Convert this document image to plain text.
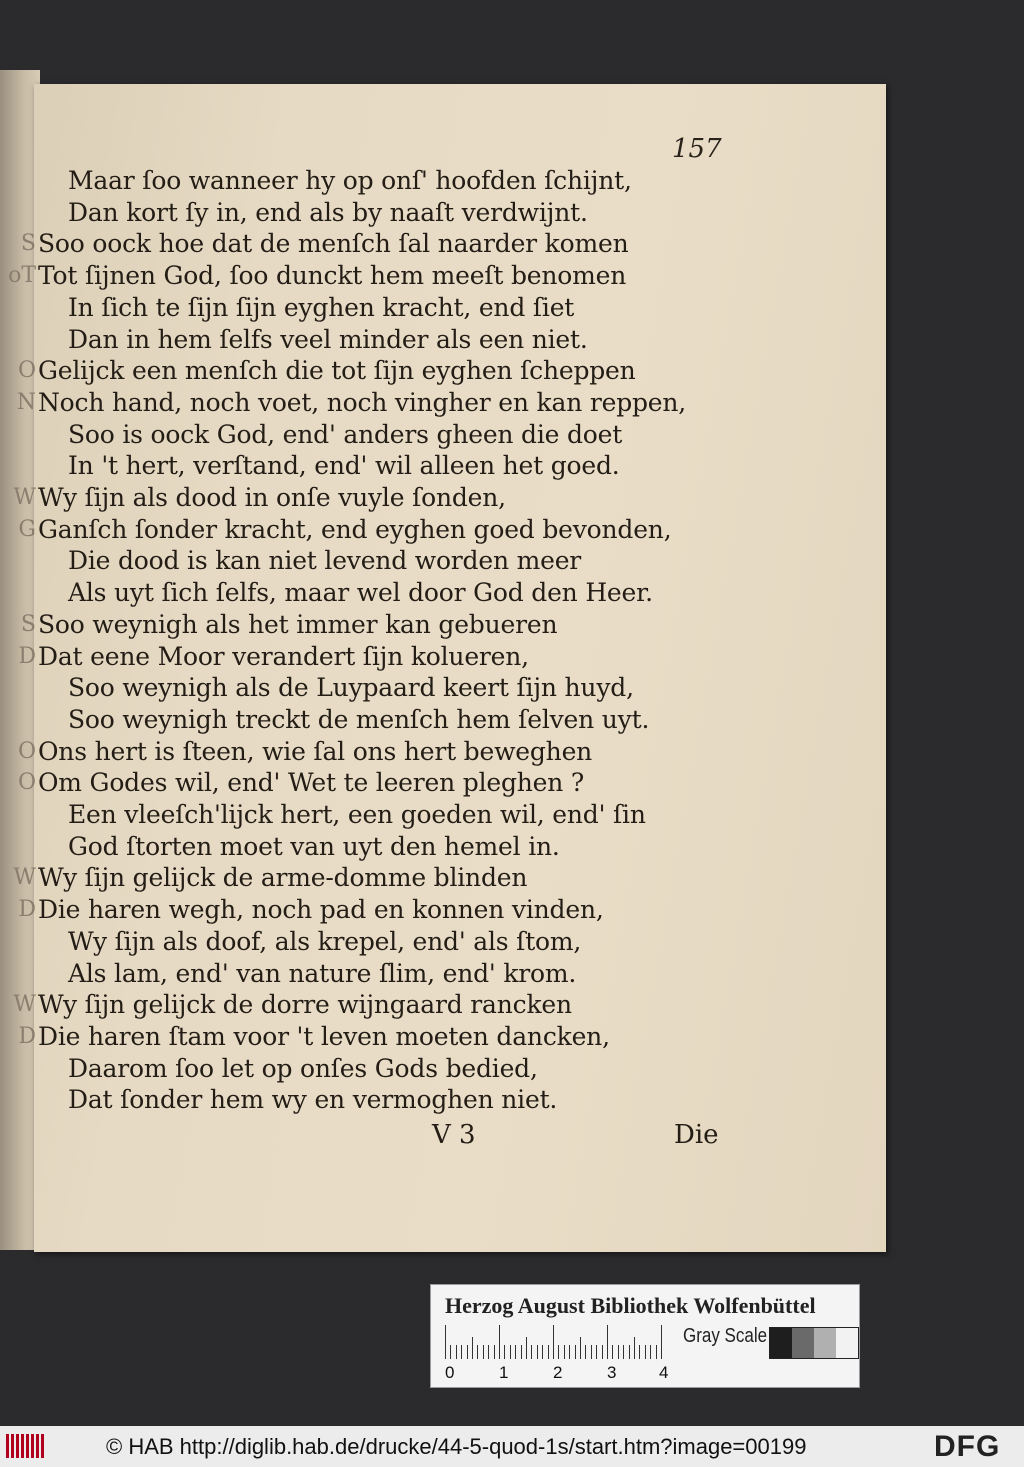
157
Maar ſoo wanneer hy op onſ' hoofden ſchijnt,
Dan kort ſy in, end als by naaſt verdwijnt.
Soo oock hoe dat de menſch ſal naarder komen
Tot ſijnen God, ſoo dunckt hem meeſt benomen
In ſich te ſijn ſijn eyghen kracht, end ſiet
Dan in hem ſelfs veel minder als een niet.
Gelijck een menſch die tot ſijn eyghen ſcheppen
Noch hand, noch voet, noch vingher en kan reppen,
Soo is oock God, end' anders gheen die doet
In 't hert, verſtand, end' wil alleen het goed.
Wy ſijn als dood in onſe vuyle ſonden,
Ganſch ſonder kracht, end eyghen goed bevonden,
Die dood is kan niet levend worden meer
Als uyt ſich ſelfs, maar wel door God den Heer.
Soo weynigh als het immer kan gebueren
Dat eene Moor verandert ſijn kolueren,
Soo weynigh als de Luypaard keert ſijn huyd,
Soo weynigh treckt de menſch hem ſelven uyt.
Ons hert is ſteen, wie ſal ons hert beweghen
Om Godes wil, end' Wet te leeren pleghen ?
Een vleeſch'lijck hert, een goeden wil, end' ſin
God ſtorten moet van uyt den hemel in.
Wy ſijn gelijck de arme-domme blinden
Die haren wegh, noch pad en konnen vinden,
Wy ſijn als doof, als krepel, end' als ſtom,
Als lam, end' van nature ſlim, end' krom.
Wy ſijn gelijck de dorre wijngaard rancken
Die haren ſtam voor 't leven moeten dancken,
Daarom ſoo let op onſes Gods bedied,
Dat ſonder hem wy en vermoghen niet.
V 3	Die
Herzog August Bibliothek Wolfenbüttel
0	1	2	3	4
Gray Scale
© HAB http://diglib.hab.de/drucke/44-5-quod-1s/start.htm?image=00199	DFG
S
oT
O
N
W
G
S
D
O
O
W
D
W
D
